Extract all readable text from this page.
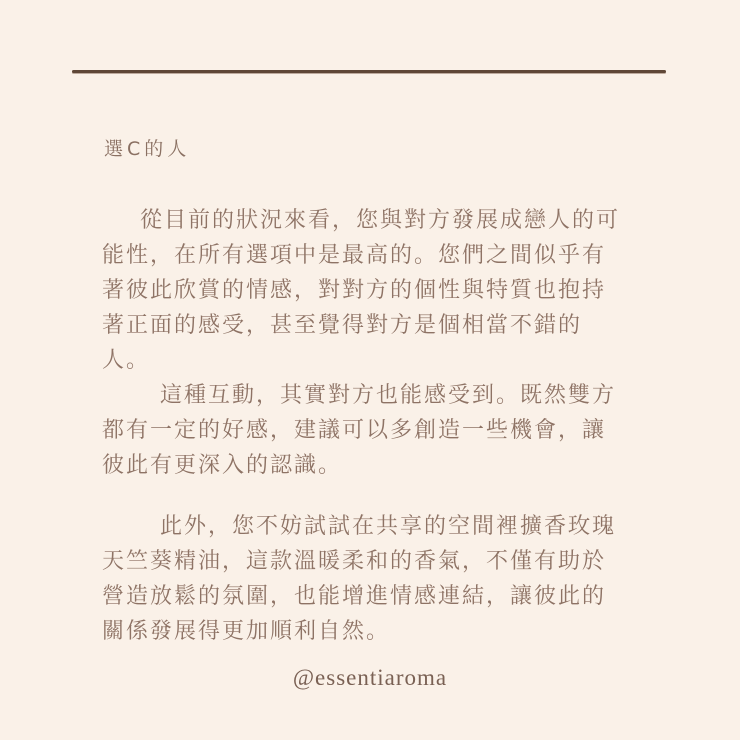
選C的人
從目前的狀況來看，您與對方發展成戀人的可
能性，在所有選項中是最高的。您們之間似乎有
著彼此欣賞的情感，對對方的個性與特質也抱持
著正面的感受，甚至覺得對方是個相當不錯的
人。
這種互動，其實對方也能感受到。既然雙方
都有一定的好感，建議可以多創造一些機會，讓
彼此有更深入的認識。
此外，您不妨試試在共享的空間裡擴香玫瑰
天竺葵精油，這款溫暖柔和的香氣，不僅有助於
營造放鬆的氛圍，也能增進情感連結，讓彼此的
關係發展得更加順利自然。
@essentiaroma
